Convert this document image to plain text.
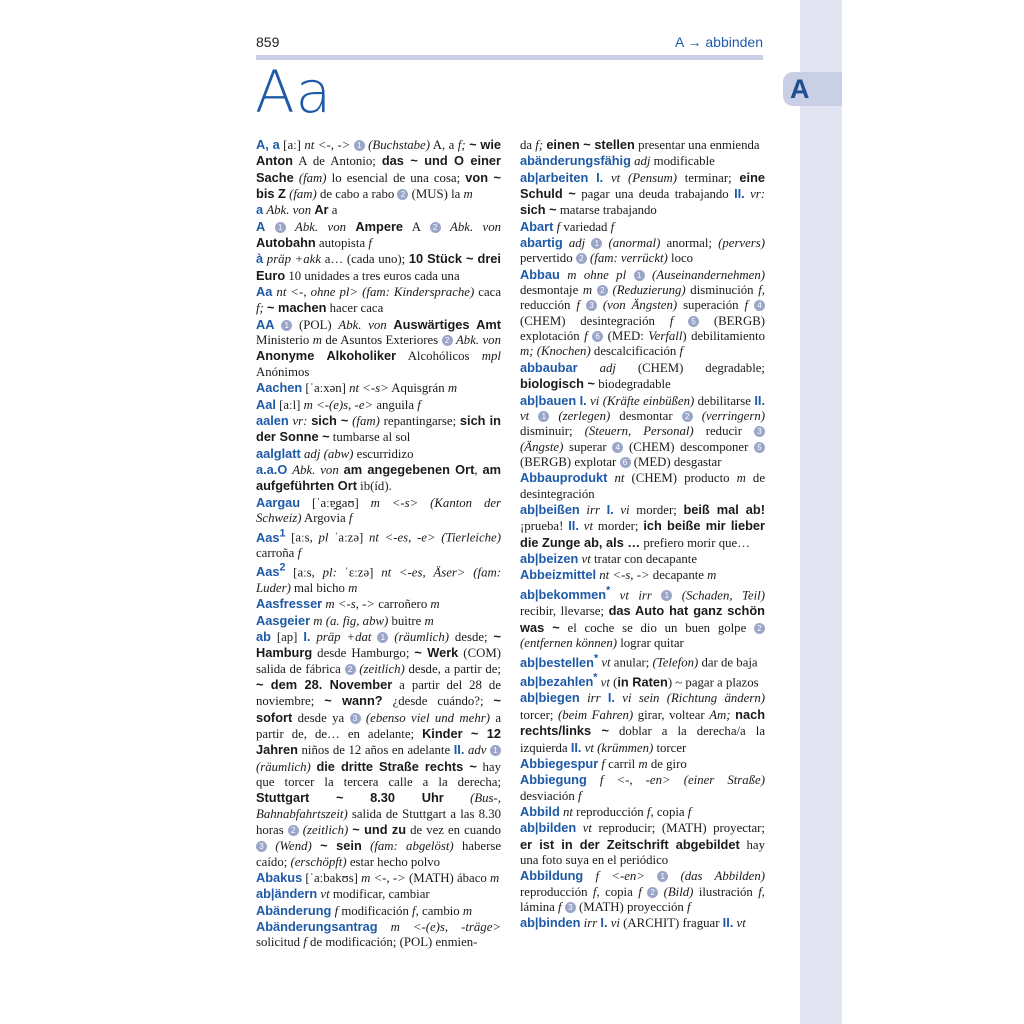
A
859	A → abbinden
Aa

A, a [aː] nt <-, -> 1 (Buchstabe) A, a f; ~ wie Anton A de Antonio; das ~ und O einer Sache (fam) lo esencial de una cosa; von ~ bis Z (fam) de cabo a rabo 2 (MUS) la m

a Abk. von Ar a

A 1 Abk. von Ampere A 2 Abk. von Autobahn autopista f

à präp +akk a… (cada uno); 10 Stück ~ drei Euro 10 unidades a tres euros cada una

Aa nt <-, ohne pl> (fam: Kindersprache) caca f; ~ machen hacer caca

AA 1 (POL) Abk. von Auswärtiges Amt Ministerio m de Asuntos Exteriores 2 Abk. von Anonyme Alkoholiker Alcohólicos mpl Anónimos

Aachen [ˈaːxən] nt <-s> Aquisgrán m

Aal [aːl] m <-(e)s, -e> anguila f

aalen vr: sich ~ (fam) repantingarse; sich in der Sonne ~ tumbarse al sol

aalglatt adj (abw) escurridizo

a.a.O Abk. von am angegebenen Ort, am aufgeführten Ort ib(íd).

Aargau [ˈaːɐ̯gaʊ] m <-s> (Kanton der Schweiz) Argovia f

Aas$^1$ [aːs, pl ˈaːzə] nt <-es, -e> (Tierleiche) carroña f

Aas$^2$ [aːs, pl: ˈɛːzə] nt <-es, Äser> (fam: Luder) mal bicho m

Aasfresser m <-s, -> carroñero m

Aasgeier m (a. fig, abw) buitre m

ab [ap] I. präp +dat 1 (räumlich) desde; ~ Hamburg desde Hamburgo; ~ Werk (COM) salida de fábrica 2 (zeitlich) desde, a partir de; ~ dem 28. November a partir del 28 de noviembre; ~ wann? ¿desde cuándo?; ~ sofort desde ya 3 (ebenso viel und mehr) a partir de, de… en adelante; Kinder ~ 12 Jahren niños de 12 años en adelante II. adv 1 (räumlich) die dritte Straße rechts ~ hay que torcer la tercera calle a la derecha; Stuttgart ~ 8.30 Uhr (Bus-, Bahnabfahrtszeit) salida de Stuttgart a las 8.30 horas 2 (zeitlich) ~ und zu de vez en cuando 3 (Wend) ~ sein (fam: abgelöst) haberse caído; (erschöpft) estar hecho polvo

Abakus [ˈaːbakʊs] m <-, -> (MATH) ábaco m

ab|ändern vt modificar, cambiar

Abänderung f modificación f, cambio m

Abänderungsantrag m <-(e)s, -träge> solicitud f de modificación; (POL) enmien-

da f; einen ~ stellen presentar una enmienda

abänderungsfähig adj modificable

ab|arbeiten I. vt (Pensum) terminar; eine Schuld ~ pagar una deuda trabajando II. vr: sich ~ matarse trabajando

Abart f variedad f

abartig adj 1 (anormal) anormal; (pervers) pervertido 2 (fam: verrückt) loco

Abbau m ohne pl 1 (Auseinandernehmen) desmontaje m 2 (Reduzierung) disminución f, reducción f 3 (von Ängsten) superación f 4 (CHEM) desintegración f 5 (BERGB) explotación f 6 (MED: Verfall) debilitamiento m; (Knochen) descalcificación f

abbaubar adj (CHEM) degradable; biologisch ~ biodegradable

ab|bauen I. vi (Kräfte einbüßen) debilitarse II. vt 1 (zerlegen) desmontar 2 (verringern) disminuir; (Steuern, Personal) reducir 3 (Ängste) superar 4 (CHEM) descomponer 5 (BERGB) explotar 6 (MED) desgastar

Abbauprodukt nt (CHEM) producto m de desintegración

ab|beißen irr I. vi morder; beiß mal ab! ¡prueba! II. vt morder; ich beiße mir lieber die Zunge ab, als … prefiero morir que…

ab|beizen vt tratar con decapante

Abbeizmittel nt <-s, -> decapante m

ab|bekommen* vt irr 1 (Schaden, Teil) recibir, llevarse; das Auto hat ganz schön was ~ el coche se dio un buen golpe 2 (entfernen können) lograr quitar

ab|bestellen* vt anular; (Telefon) dar de baja

ab|bezahlen* vt (in Raten) ~ pagar a plazos

ab|biegen irr I. vi sein (Richtung ändern) torcer; (beim Fahren) girar, voltear Am; nach rechts/links ~ doblar a la derecha/a la izquierda II. vt (krümmen) torcer

Abbiegespur f carril m de giro

Abbiegung f <-, -en> (einer Straße) desviación f

Abbild nt reproducción f, copia f

ab|bilden vt reproducir; (MATH) proyectar; er ist in der Zeitschrift abgebildet hay una foto suya en el periódico

Abbildung f <-en> 1 (das Abbilden) reproducción f, copia f 2 (Bild) ilustración f, lámina f 3 (MATH) proyección f

ab|binden irr I. vi (ARCHIT) fraguar II. vt
